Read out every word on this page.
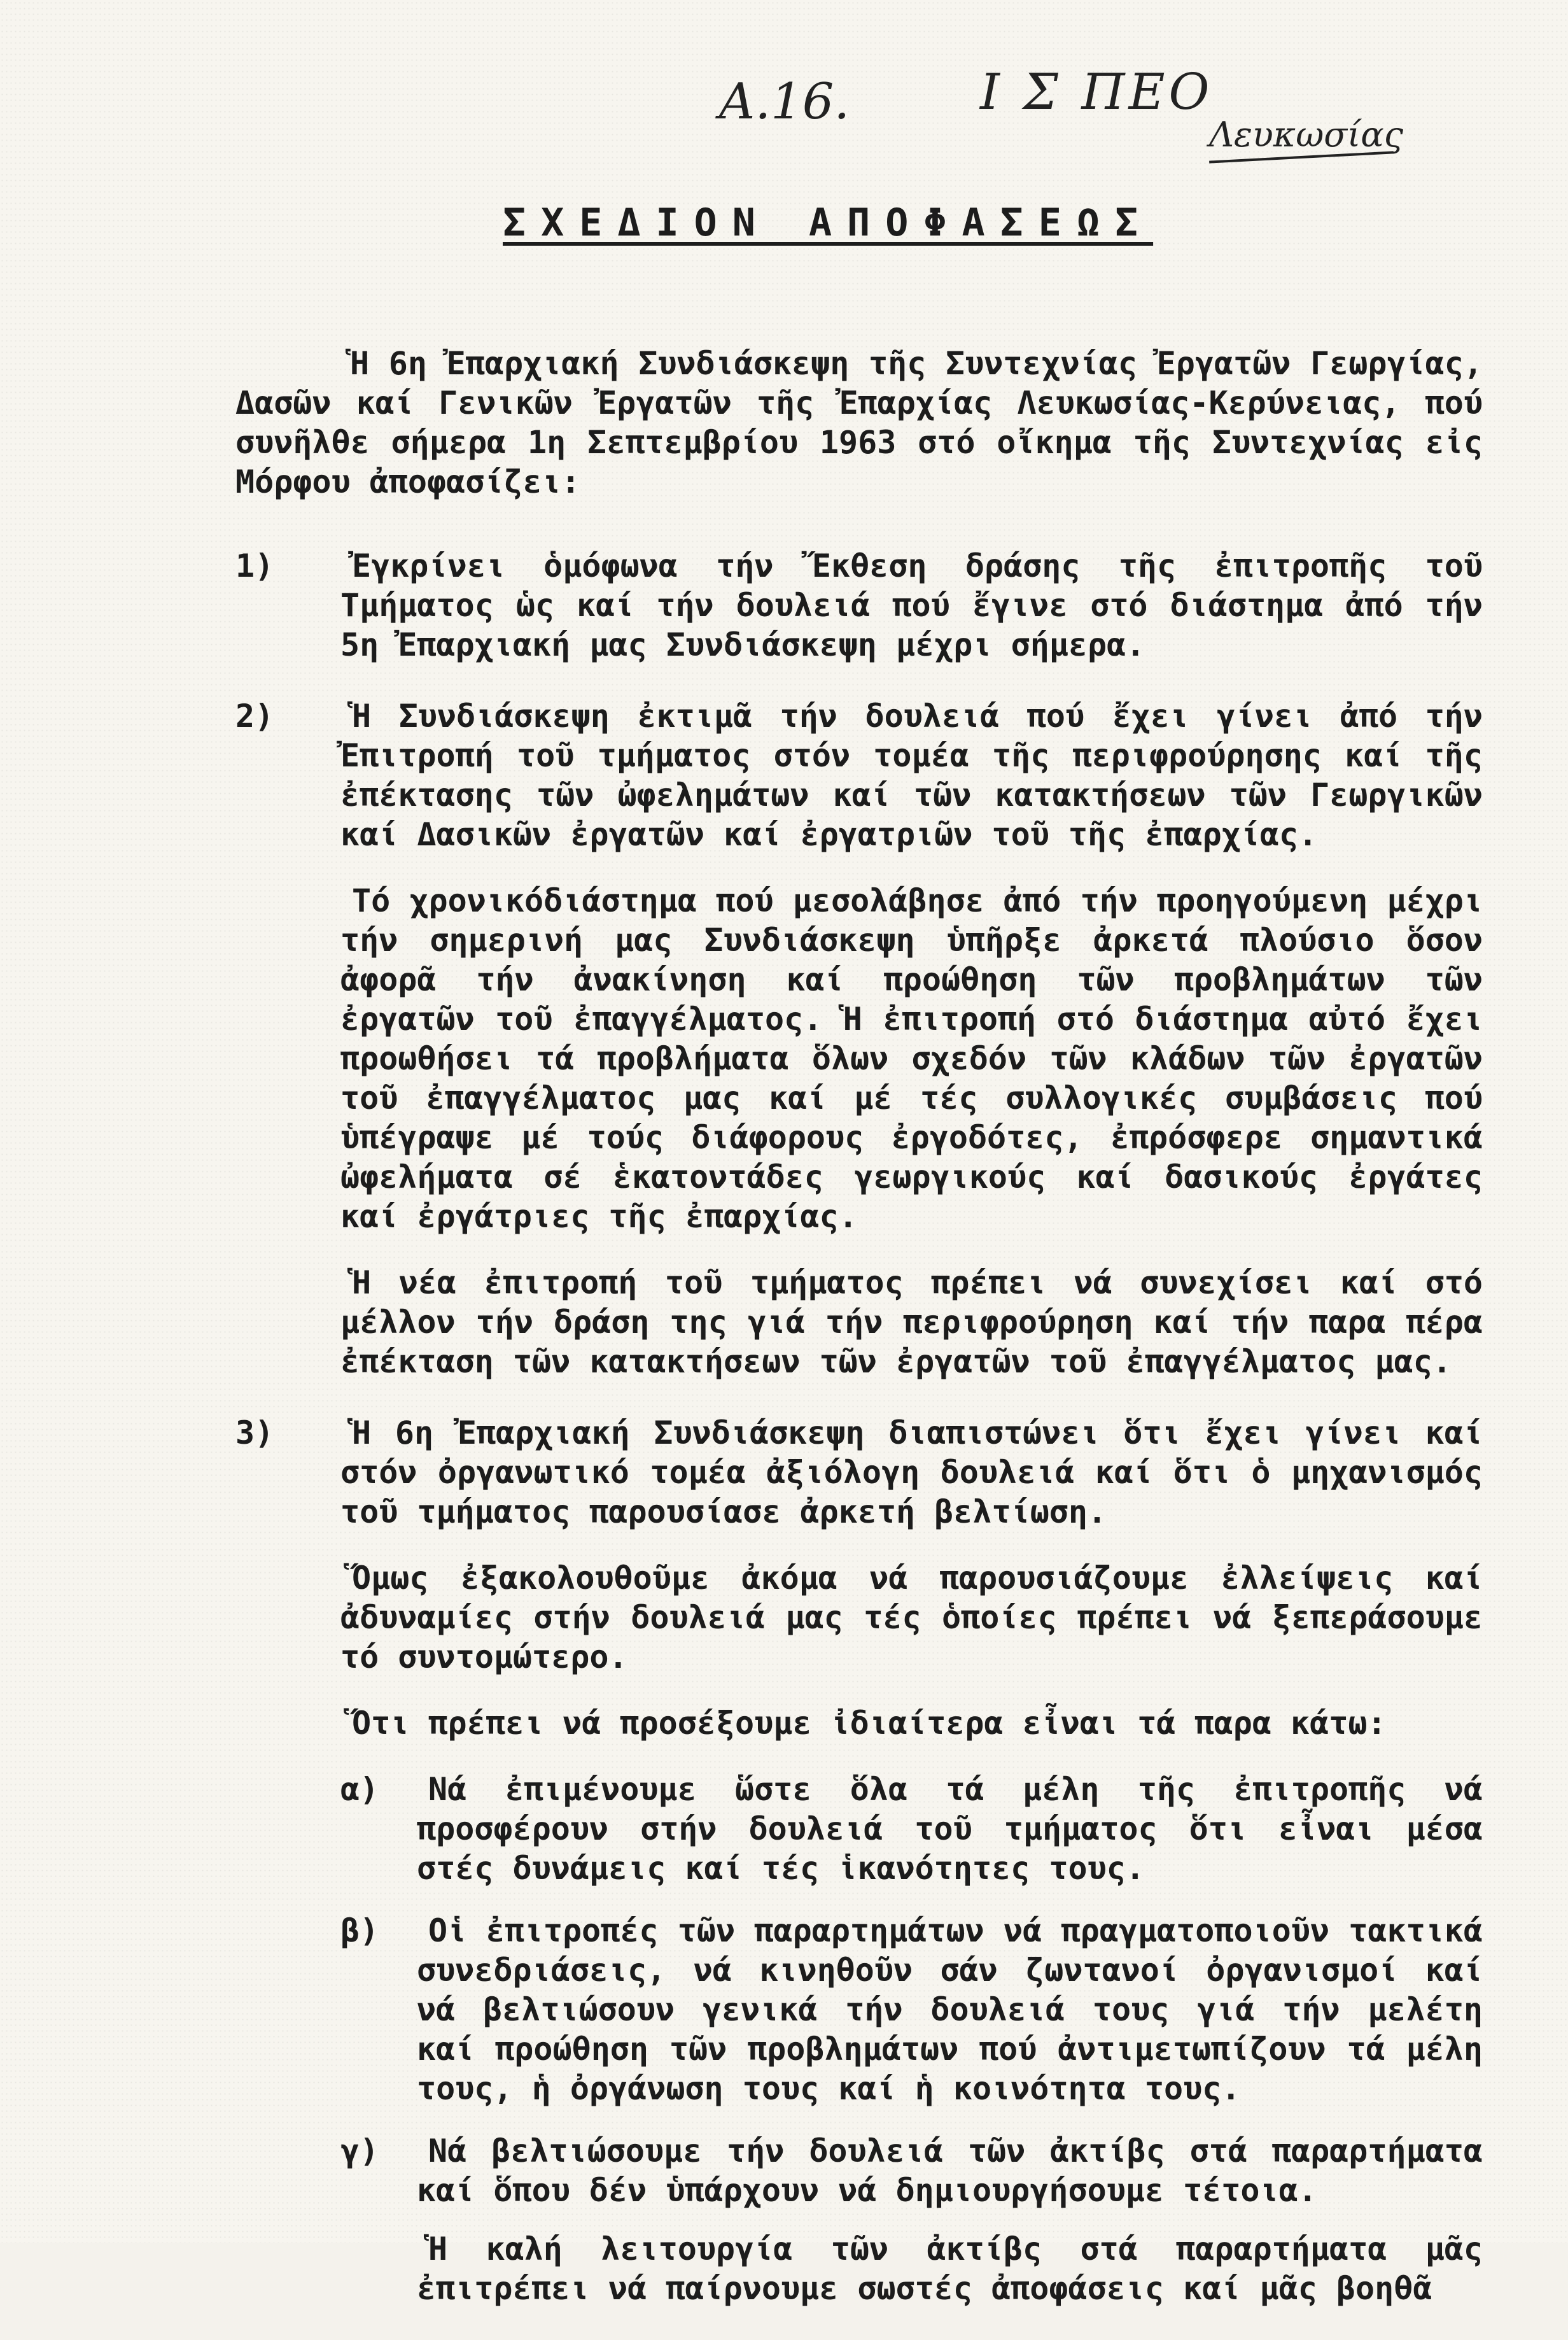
A.16.	Ι Σ ΠΕΟ
Λευκωσίας
ΣΧΕΔΙΟΝ ΑΠΟΦΑΣΕΩΣ

Ἡ 6η Ἐπαρχιακή Συνδιάσκεψη τῆς Συντεχνίας Ἐργατῶν Γεωργίας, Δασῶν καί Γενικῶν Ἐργατῶν τῆς Ἐπαρχίας Λευκωσίας-Κερύνειας, πού συνῆλθε σήμερα 1η Σεπτεμβρίου 1963 στό οἴκημα τῆς Συντεχνίας εἰς Μόρφου ἀποφασίζει:

1)	Ἐγκρίνει ὁμόφωνα τήν Ἔκθεση δράσης τῆς ἐπιτροπῆς τοῦ Τμήματος ὡς καί τήν δουλειά πού ἔγινε στό διάστημα ἀπό τήν 5η Ἐπαρχιακή μας Συνδιάσκεψη μέχρι σήμερα.

2)	Ἡ Συνδιάσκεψη ἐκτιμᾶ τήν δουλειά πού ἔχει γίνει ἀπό τήν Ἐπιτροπή τοῦ τμήματος στόν τομέα τῆς περιφρούρησης καί τῆς ἐπέκτασης τῶν ὠφελημάτων καί τῶν κατακτήσεων τῶν Γεωργικῶν καί Δασικῶν ἐργατῶν καί ἐργατριῶν τοῦ τῆς ἐπαρχίας.

Τό χρονικόδιάστημα πού μεσολάβησε ἀπό τήν προηγούμενη μέχρι τήν σημερινή μας Συνδιάσκεψη ὑπῆρξε ἀρκετά πλούσιο ὅσον ἀφορᾶ τήν ἀνακίνηση καί προώθηση τῶν προβλημάτων τῶν ἐργατῶν τοῦ ἐπαγγέλματος. Ἡ ἐπιτροπή στό διάστημα αὐτό ἔχει προωθήσει τά προβλήματα ὅλων σχεδόν τῶν κλάδων τῶν ἐργατῶν τοῦ ἐπαγγέλματος μας καί μέ τές συλλογικές συμβάσεις πού ὑπέγραψε μέ τούς διάφορους ἐργοδότες, ἐπρόσφερε σημαντικά ὠφελήματα σέ ἑκατοντάδες γεωργικούς καί δασικούς ἐργάτες καί ἐργάτριες τῆς ἐπαρχίας.

Ἡ νέα ἐπιτροπή τοῦ τμήματος πρέπει νά συνεχίσει καί στό μέλλον τήν δράση της γιά τήν περιφρούρηση καί τήν παρα πέρα ἐπέκταση τῶν κατακτήσεων τῶν ἐργατῶν τοῦ ἐπαγγέλματος μας.

3)	Ἡ 6η Ἐπαρχιακή Συνδιάσκεψη διαπιστώνει ὅτι ἔχει γίνει καί στόν ὀργανωτικό τομέα ἀξιόλογη δουλειά καί ὅτι ὁ μηχανισμός τοῦ τμήματος παρουσίασε ἀρκετή βελτίωση.

Ὅμως ἐξακολουθοῦμε ἀκόμα νά παρουσιάζουμε ἐλλείψεις καί ἀδυναμίες στήν δουλειά μας τές ὁποίες πρέπει νά ξεπεράσουμε τό συντομώτερο.

Ὅτι πρέπει νά προσέξουμε ἰδιαίτερα εἶναι τά παρα κάτω:

α)	Νά ἐπιμένουμε ὥστε ὅλα τά μέλη τῆς ἐπιτροπῆς νά προσφέρουν στήν δουλειά τοῦ τμήματος ὅτι εἶναι μέσα στές δυνάμεις καί τές ἱκανότητες τους.

β)	Οἱ ἐπιτροπές τῶν παραρτημάτων νά πραγματοποιοῦν τακτικά συνεδριάσεις, νά κινηθοῦν σάν ζωντανοί ὀργανισμοί καί νά βελτιώσουν γενικά τήν δουλειά τους γιά τήν μελέτη καί προώθηση τῶν προβλημάτων πού ἀντιμετωπίζουν τά μέλη τους, ἡ ὀργάνωση τους καί ἡ κοινότητα τους.

γ)	Νά βελτιώσουμε τήν δουλειά τῶν ἀκτίβς στά παραρτήματα καί ὅπου δέν ὑπάρχουν νά δημιουργήσουμε τέτοια.

Ἡ καλή λειτουργία τῶν ἀκτίβς στά παραρτήματα μᾶς ἐπιτρέπει νά παίρνουμε σωστές ἀποφάσεις καί μᾶς βοηθᾶ
